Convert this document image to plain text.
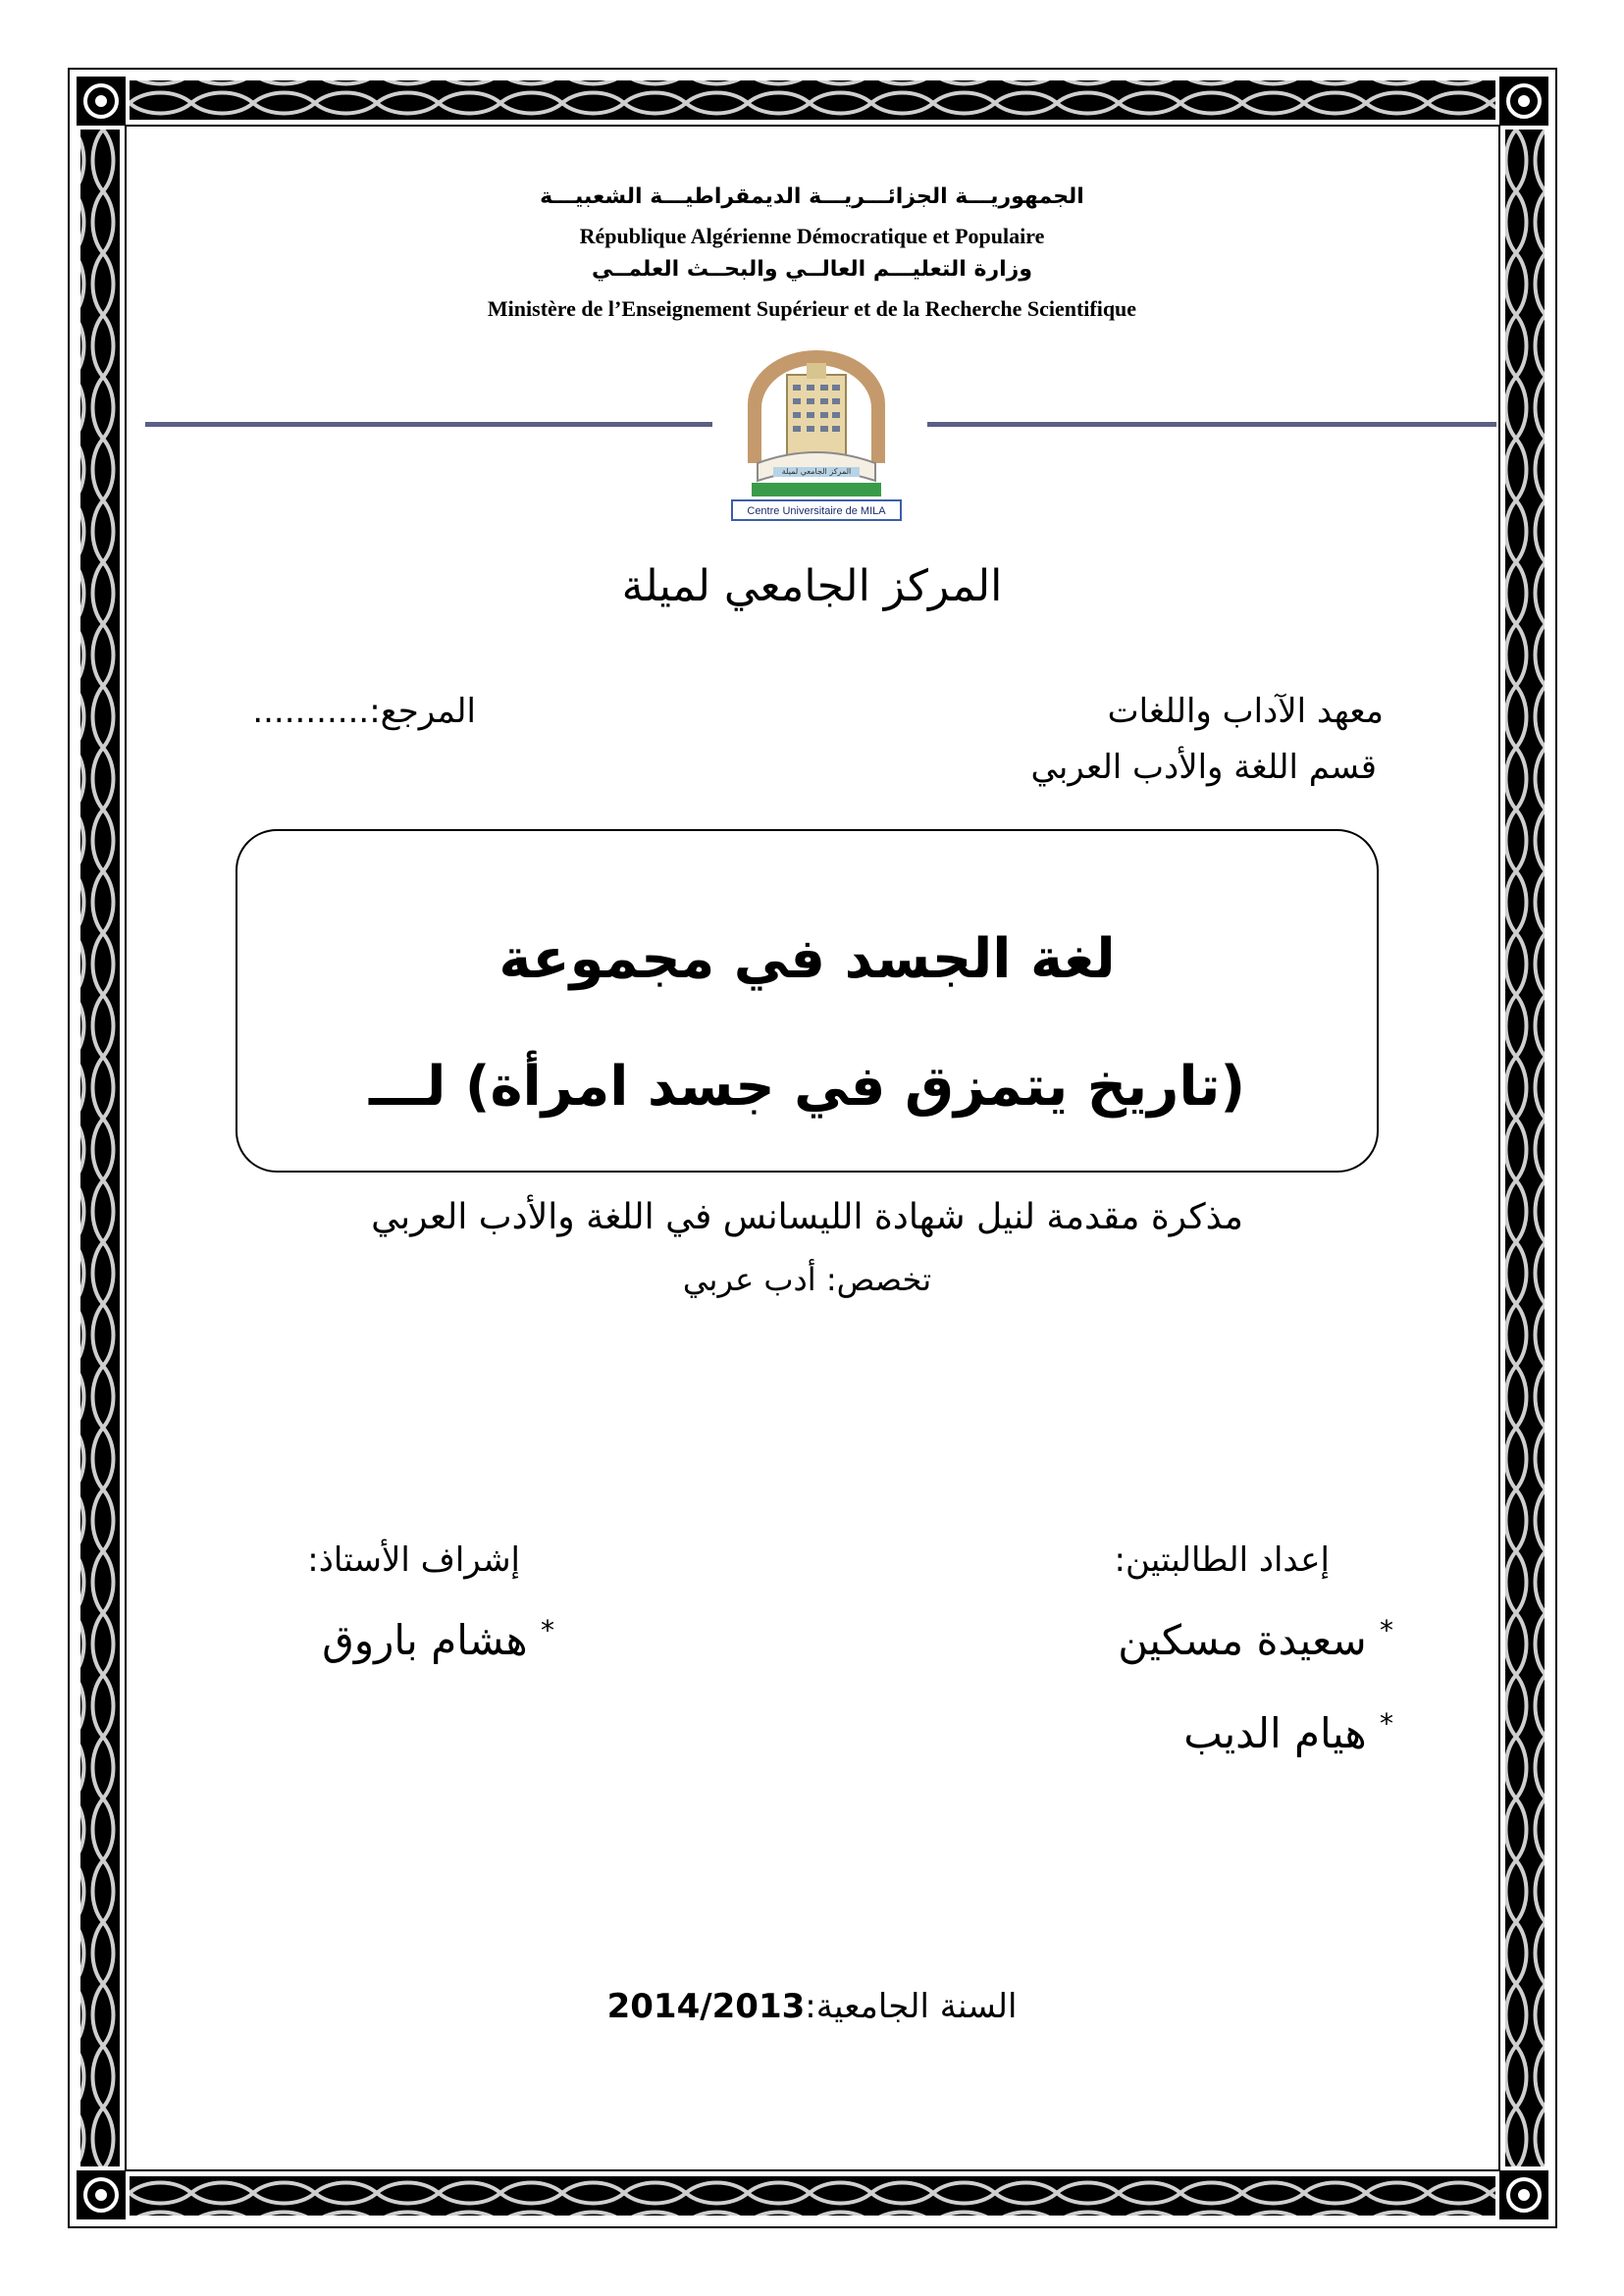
الجمهوريـــة الجزائـــريـــة الديمقراطيـــة الشعبيـــة
République Algérienne Démocratique et Populaire
وزارة التعليـــم العالــي والبحــث العلمــي
Ministère de l’Enseignement Supérieur et de la Recherche Scientifique
Centre Universitaire de MILA
المركز الجامعي لميلة
المركز الجامعي لميلة
معهد الآداب واللغات
قسم اللغة والأدب العربي
المرجع:...........
لغة الجسد في مجموعة
(تاريخ يتمزق في جسد امرأة) لـــ
مذكرة مقدمة لنيل شهادة الليسانس في اللغة والأدب العربي
تخصص: أدب عربي
إعداد الطالبتين:
* سعيدة مسكين
* هيام الديب
إشراف الأستاذ:
* هشام باروق
السنة الجامعية:2014/2013
